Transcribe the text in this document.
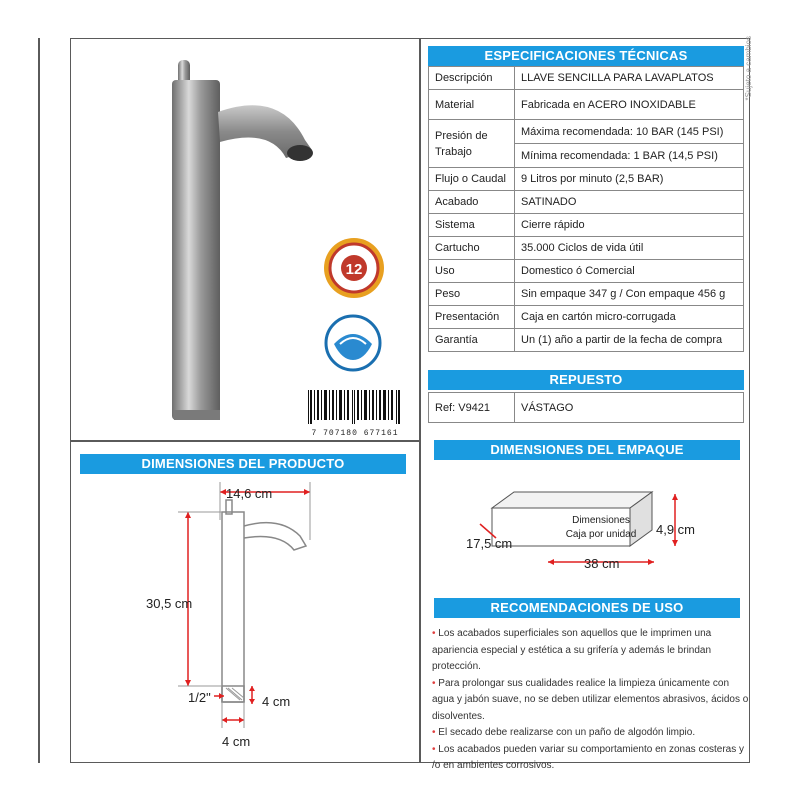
12
7 707180 677161
ESPECIFICACIONES TÉCNICAS
Descripción	LLAVE SENCILLA PARA LAVAPLATOS
Material	Fabricada en ACERO INOXIDABLE
Presión de Trabajo	Máxima recomendada: 10 BAR (145 PSI)
	Mínima recomendada: 1 BAR (14,5 PSI)
Flujo o Caudal	9 Litros por minuto (2,5 BAR)
Acabado	SATINADO
Sistema	Cierre rápido
Cartucho	35.000 Ciclos de vida útil
Uso	Domestico ó Comercial
Peso	Sin empaque 347 g / Con empaque 456 g
Presentación	Caja en cartón micro-corrugada
Garantía	Un (1) año a partir de la fecha de compra
*Sujeto a cambios
REPUESTO
Ref: V9421	VÁSTAGO
DIMENSIONES DEL PRODUCTO
14,6 cm
30,5 cm
1/2"	4 cm
4 cm
DIMENSIONES DEL EMPAQUE
Dimensiones
Caja por unidad
17,5 cm
4,9 cm
38 cm
RECOMENDACIONES DE USO

• Los acabados superficiales son aquellos que le imprimen una apariencia especial y estética a su grifería y además le brindan protección.

• Para prolongar sus cualidades realice la limpieza únicamente con agua y jabón suave, no se deben utilizar elementos abrasivos, ácidos o disolventes.

• El secado debe realizarse con un paño de algodón limpio.

• Los acabados pueden variar su comportamiento en zonas costeras y /o en ambientes corrosivos.
